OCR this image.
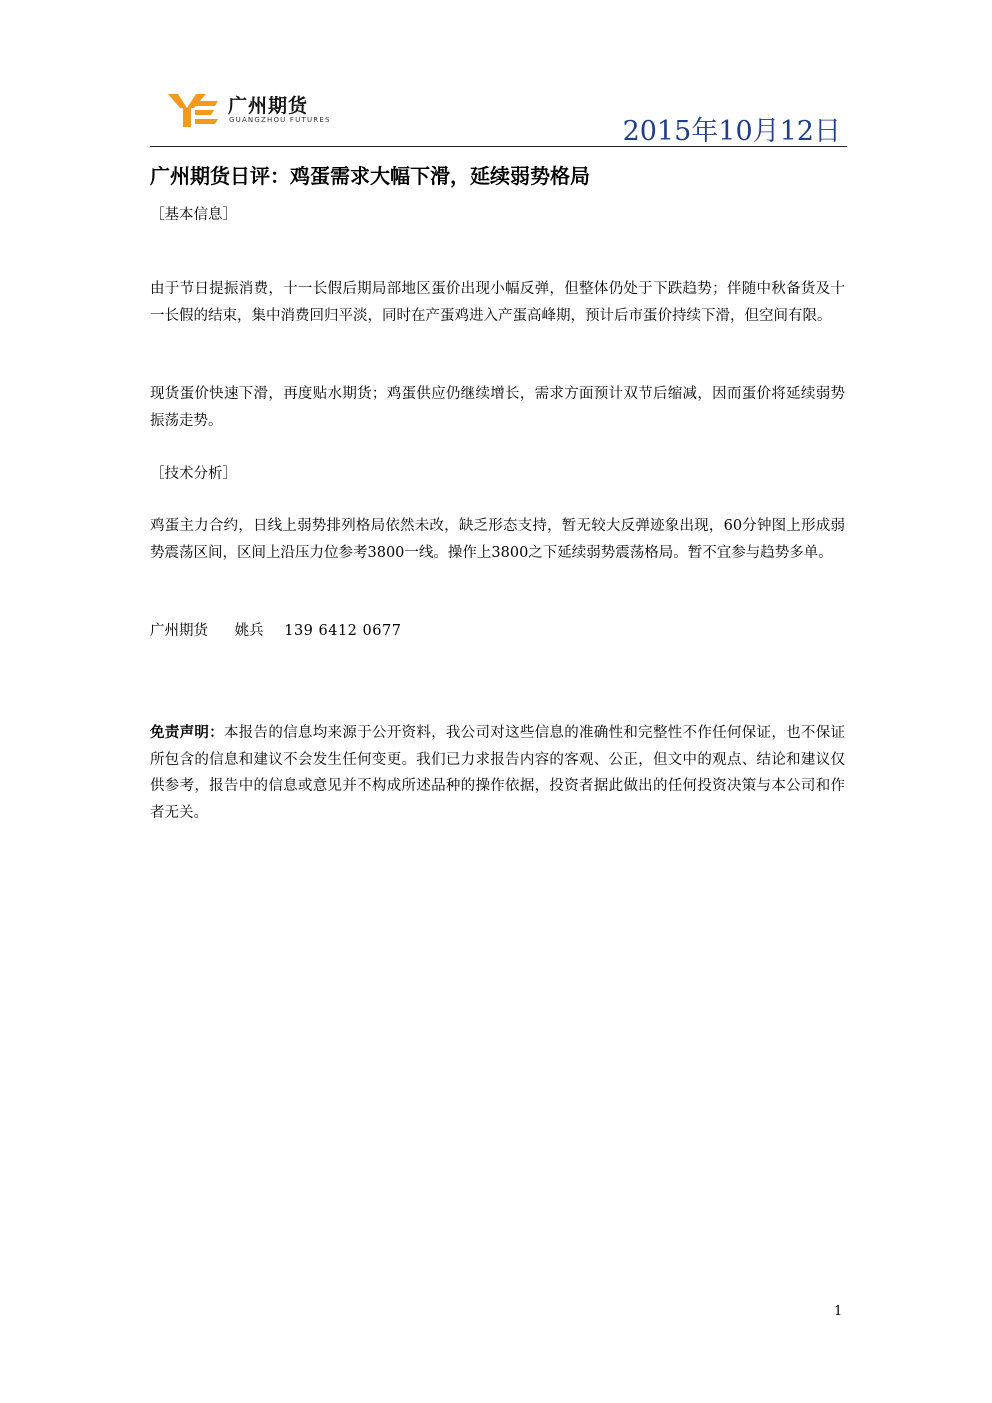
广州期货
GUANGZHOU FUTURES	2015年10月12日
广州期货日评：鸡蛋需求大幅下滑，延续弱势格局
［基本信息］
由于节日提振消费，十一长假后期局部地区蛋价出现小幅反弹，但整体仍处于下跌趋势；伴随中秋备货及十一长假的结束，集中消费回归平淡，同时在产蛋鸡进入产蛋高峰期，预计后市蛋价持续下滑，但空间有限。
现货蛋价快速下滑，再度贴水期货；鸡蛋供应仍继续增长，需求方面预计双节后缩减，因而蛋价将延续弱势振荡走势。
［技术分析］
鸡蛋主力合约，日线上弱势排列格局依然未改，缺乏形态支持，暂无较大反弹迹象出现，60分钟图上形成弱势震荡区间，区间上沿压力位参考3800一线。操作上3800之下延续弱势震荡格局。暂不宜参与趋势多单。
广州期货 姚兵 139 6412 0677
免责声明：本报告的信息均来源于公开资料，我公司对这些信息的准确性和完整性不作任何保证，也不保证所包含的信息和建议不会发生任何变更。我们已力求报告内容的客观、公正，但文中的观点、结论和建议仅供参考，报告中的信息或意见并不构成所述品种的操作依据，投资者据此做出的任何投资决策与本公司和作者无关。
1
